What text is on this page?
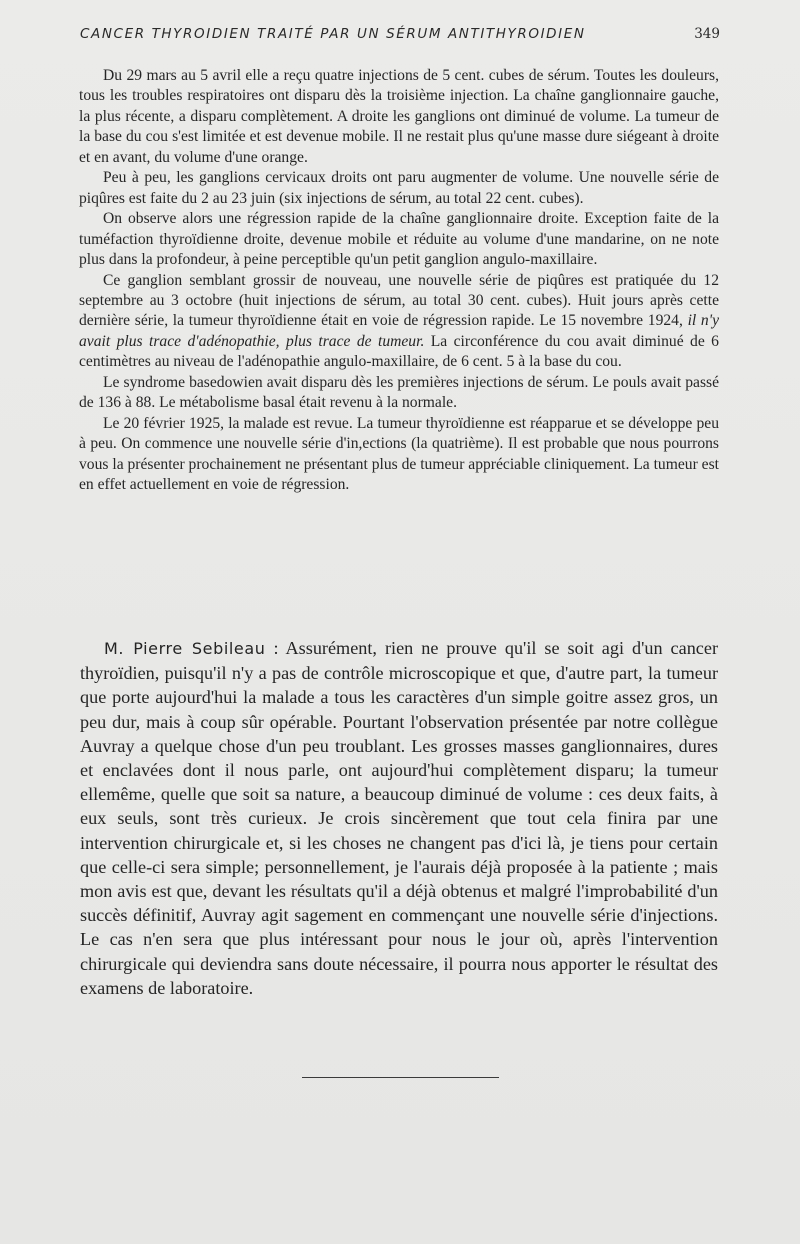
CANCER THYROIDIEN TRAITÉ PAR UN SÉRUM ANTITHYROIDIEN	349

Du 29 mars au 5 avril elle a reçu quatre injections de 5 cent. cubes de sérum. Toutes les douleurs, tous les troubles respiratoires ont disparu dès la troisième injection. La chaîne ganglionnaire gauche, la plus récente, a disparu complètement. A droite les ganglions ont diminué de volume. La tumeur de la base du cou s'est limitée et est devenue mobile. Il ne restait plus qu'une masse dure siégeant à droite et en avant, du volume d'une orange.

Peu à peu, les ganglions cervicaux droits ont paru augmenter de volume. Une nouvelle série de piqûres est faite du 2 au 23 juin (six injections de sérum, au total 22 cent. cubes).

On observe alors une régression rapide de la chaîne ganglionnaire droite. Exception faite de la tuméfaction thyroïdienne droite, devenue mobile et réduite au volume d'une mandarine, on ne note plus dans la profondeur, à peine perceptible qu'un petit ganglion angulo-maxillaire.

Ce ganglion semblant grossir de nouveau, une nouvelle série de piqûres est pratiquée du 12 septembre au 3 octobre (huit injections de sérum, au total 30 cent. cubes). Huit jours après cette dernière série, la tumeur thyroïdienne était en voie de régression rapide. Le 15 novembre 1924, il n'y avait plus trace d'adénopathie, plus trace de tumeur. La circonférence du cou avait diminué de 6 centimètres au niveau de l'adénopathie angulo-maxillaire, de 6 cent. 5 à la base du cou.

Le syndrome basedowien avait disparu dès les premières injections de sérum. Le pouls avait passé de 136 à 88. Le métabolisme basal était revenu à la normale.

Le 20 février 1925, la malade est revue. La tumeur thyroïdienne est réapparue et se développe peu à peu. On commence une nouvelle série d'in,ections (la quatrième). Il est probable que nous pourrons vous la présenter prochainement ne présentant plus de tumeur appréciable cliniquement. La tumeur est en effet actuellement en voie de régression.

M. Pierre Sebileau : Assurément, rien ne prouve qu'il se soit agi d'un cancer thyroïdien, puisqu'il n'y a pas de contrôle microscopique et que, d'autre part, la tumeur que porte aujourd'hui la malade a tous les caractères d'un simple goitre assez gros, un peu dur, mais à coup sûr opérable. Pourtant l'observation présentée par notre collègue Auvray a quelque chose d'un peu troublant. Les grosses masses ganglionnaires, dures et enclavées dont il nous parle, ont aujourd'hui complètement disparu; la tumeur ellemême, quelle que soit sa nature, a beaucoup diminué de volume : ces deux faits, à eux seuls, sont très curieux. Je crois sincèrement que tout cela finira par une intervention chirurgicale et, si les choses ne changent pas d'ici là, je tiens pour certain que celle-ci sera simple; personnellement, je l'aurais déjà proposée à la patiente ; mais mon avis est que, devant les résultats qu'il a déjà obtenus et malgré l'improbabilité d'un succès définitif, Auvray agit sagement en commençant une nouvelle série d'injections. Le cas n'en sera que plus intéressant pour nous le jour où, après l'intervention chirurgicale qui deviendra sans doute nécessaire, il pourra nous apporter le résultat des examens de laboratoire.
